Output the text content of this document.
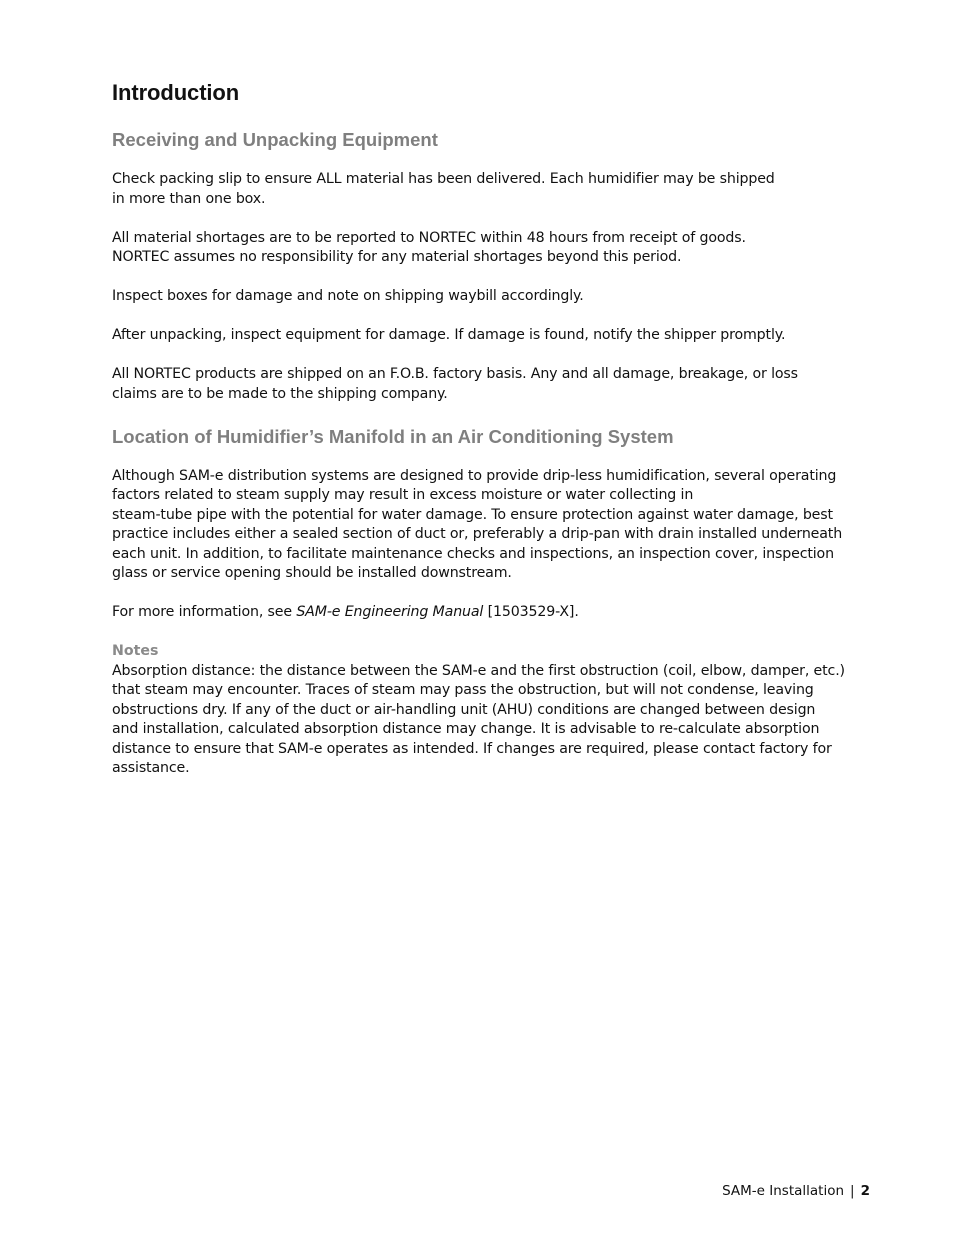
Introduction
Receiving and Unpacking Equipment

Check packing slip to ensure ALL material has been delivered. Each humidifier may be shipped
in more than one box.

All material shortages are to be reported to NORTEC within 48 hours from receipt of goods.
NORTEC assumes no responsibility for any material shortages beyond this period.

Inspect boxes for damage and note on shipping waybill accordingly.

After unpacking, inspect equipment for damage. If damage is found, notify the shipper promptly.

All NORTEC products are shipped on an F.O.B. factory basis. Any and all damage, breakage, or loss
claims are to be made to the shipping company.

Location of Humidifier’s Manifold in an Air Conditioning System

Although SAM-e distribution systems are designed to provide drip-less humidification, several operating
factors related to steam supply may result in excess moisture or water collecting in
steam-tube pipe with the potential for water damage. To ensure protection against water damage, best
practice includes either a sealed section of duct or, preferably a drip-pan with drain installed underneath
each unit. In addition, to facilitate maintenance checks and inspections, an inspection cover, inspection
glass or service opening should be installed downstream.

For more information, see SAM-e Engineering Manual [1503529-X].

Notes

Absorption distance: the distance between the SAM-e and the first obstruction (coil, elbow, damper, etc.)
that steam may encounter. Traces of steam may pass the obstruction, but will not condense, leaving
obstructions dry. If any of the duct or air-handling unit (AHU) conditions are changed between design
and installation, calculated absorption distance may change. It is advisable to re-calculate absorption
distance to ensure that SAM-e operates as intended. If changes are required, please contact factory for
assistance.

SAM-e Installation | 2
